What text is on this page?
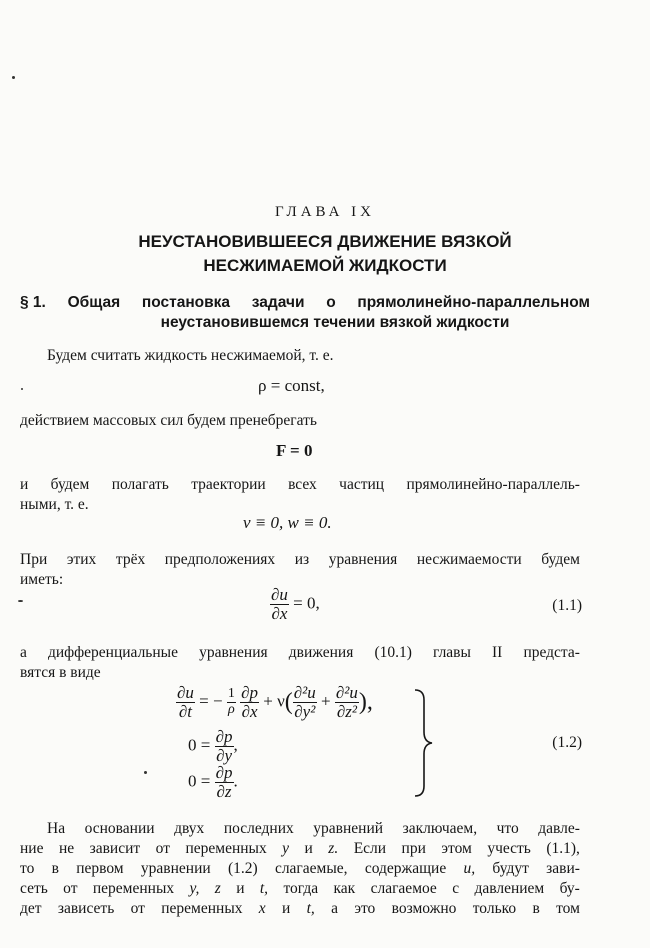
ГЛАВА IX
НЕУСТАНОВИВШЕЕСЯ ДВИЖЕНИЕ ВЯЗКОЙ
НЕСЖИМАЕМОЙ ЖИДКОСТИ
§ 1. Общая постановка задачи о прямолинейно-параллельном
неустановившемся течении вязкой жидкости
Будем считать жидкость несжимаемой, т. е.
ρ = const,
действием массовых сил будем пренебрегать
F = 0
и будем полагать траектории всех частиц прямолинейно-параллель-
ными, т. е.
v ≡ 0, w ≡ 0.
При этих трёх предположениях из уравнения несжимаемости будем
иметь:
$\frac{\partial u}{\partial x} = 0$,	(1.1)
а дифференциальные уравнения движения (10.1) главы II предста-
вятся в виде
$\frac{\partial u}{\partial t}$ = − $\frac{1}{\rho}$
$\frac{\partial p}{\partial x} + \nu( \frac{\text{∂²u}}{\text{∂y²}} + \frac{\text{∂²u}}{\text{∂z²}}$ ),
$0 = \frac{\partial p}{\partial y}$ ,
$0 = \frac{\partial p}{\partial z}$ .
(1.2)
На основании двух последних уравнений заключаем, что давле-
ние не зависит от переменных y и z. Если при этом учесть (1.1),
то в первом уравнении (1.2) слагаемые, содержащие u, будут зави-
сеть от переменных y, z и t, тогда как слагаемое с давлением бу-
дет зависеть от переменных x и t, а это возможно только в том
